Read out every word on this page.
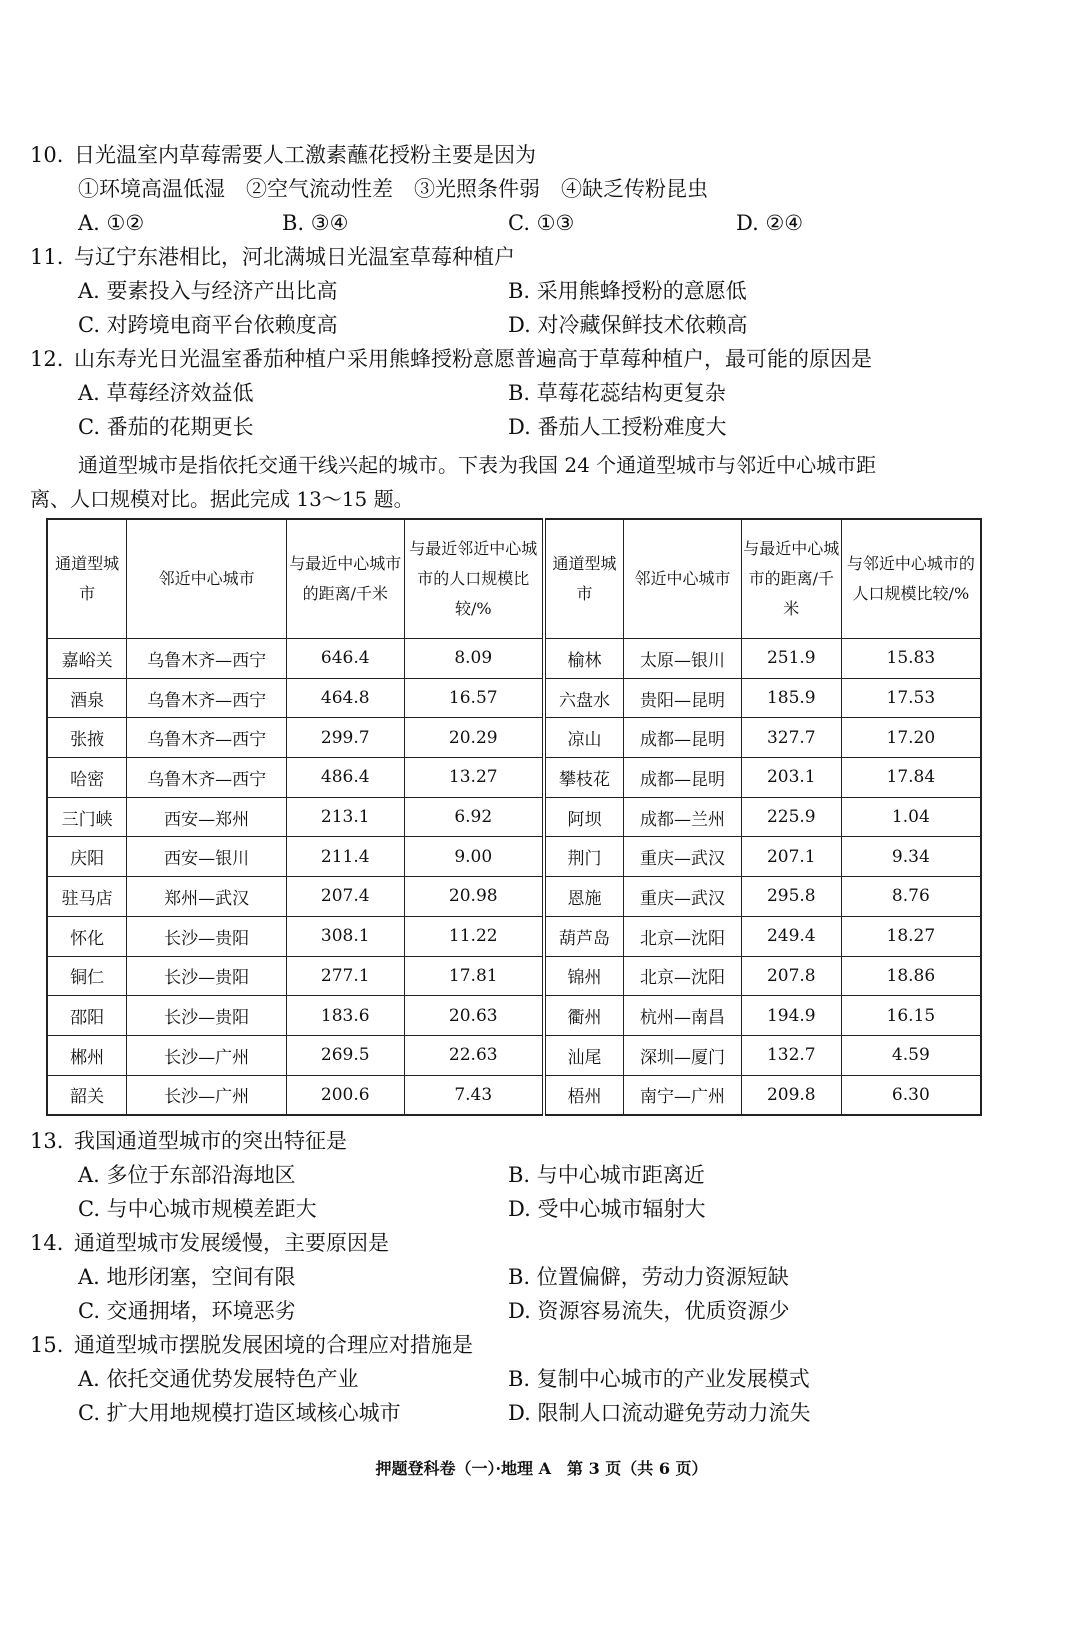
10. 日光温室内草莓需要人工激素蘸花授粉主要是因为
①环境高温低湿　②空气流动性差　③光照条件弱　④缺乏传粉昆虫
A. ①②	B. ③④	C. ①③	D. ②④
11. 与辽宁东港相比，河北满城日光温室草莓种植户
A. 要素投入与经济产出比高	B. 采用熊蜂授粉的意愿低
C. 对跨境电商平台依赖度高	D. 对冷藏保鲜技术依赖高
12. 山东寿光日光温室番茄种植户采用熊蜂授粉意愿普遍高于草莓种植户，最可能的原因是
A. 草莓经济效益低	B. 草莓花蕊结构更复杂
C. 番茄的花期更长	D. 番茄人工授粉难度大
通道型城市是指依托交通干线兴起的城市。下表为我国 24 个通道型城市与邻近中心城市距
离、人口规模对比。据此完成 13～15 题。
通道型城市	邻近中心城市	与最近中心城市的距离/千米	与最近邻近中心城市的人口规模比较/%	通道型城市	邻近中心城市	与最近中心城市的距离/千米	与邻近中心城市的人口规模比较/%
嘉峪关	乌鲁木齐—西宁	646.4	8.09	榆林	太原—银川	251.9	15.83
酒泉	乌鲁木齐—西宁	464.8	16.57	六盘水	贵阳—昆明	185.9	17.53
张掖	乌鲁木齐—西宁	299.7	20.29	凉山	成都—昆明	327.7	17.20
哈密	乌鲁木齐—西宁	486.4	13.27	攀枝花	成都—昆明	203.1	17.84
三门峡	西安—郑州	213.1	6.92	阿坝	成都—兰州	225.9	1.04
庆阳	西安—银川	211.4	9.00	荆门	重庆—武汉	207.1	9.34
驻马店	郑州—武汉	207.4	20.98	恩施	重庆—武汉	295.8	8.76
怀化	长沙—贵阳	308.1	11.22	葫芦岛	北京—沈阳	249.4	18.27
铜仁	长沙—贵阳	277.1	17.81	锦州	北京—沈阳	207.8	18.86
邵阳	长沙—贵阳	183.6	20.63	衢州	杭州—南昌	194.9	16.15
郴州	长沙—广州	269.5	22.63	汕尾	深圳—厦门	132.7	4.59
韶关	长沙—广州	200.6	7.43	梧州	南宁—广州	209.8	6.30
13. 我国通道型城市的突出特征是
A. 多位于东部沿海地区	B. 与中心城市距离近
C. 与中心城市规模差距大	D. 受中心城市辐射大
14. 通道型城市发展缓慢，主要原因是
A. 地形闭塞，空间有限	B. 位置偏僻，劳动力资源短缺
C. 交通拥堵，环境恶劣	D. 资源容易流失，优质资源少
15. 通道型城市摆脱发展困境的合理应对措施是
A. 依托交通优势发展特色产业	B. 复制中心城市的产业发展模式
C. 扩大用地规模打造区域核心城市	D. 限制人口流动避免劳动力流失
押题登科卷（一）·地理 A　第 3 页（共 6 页）
